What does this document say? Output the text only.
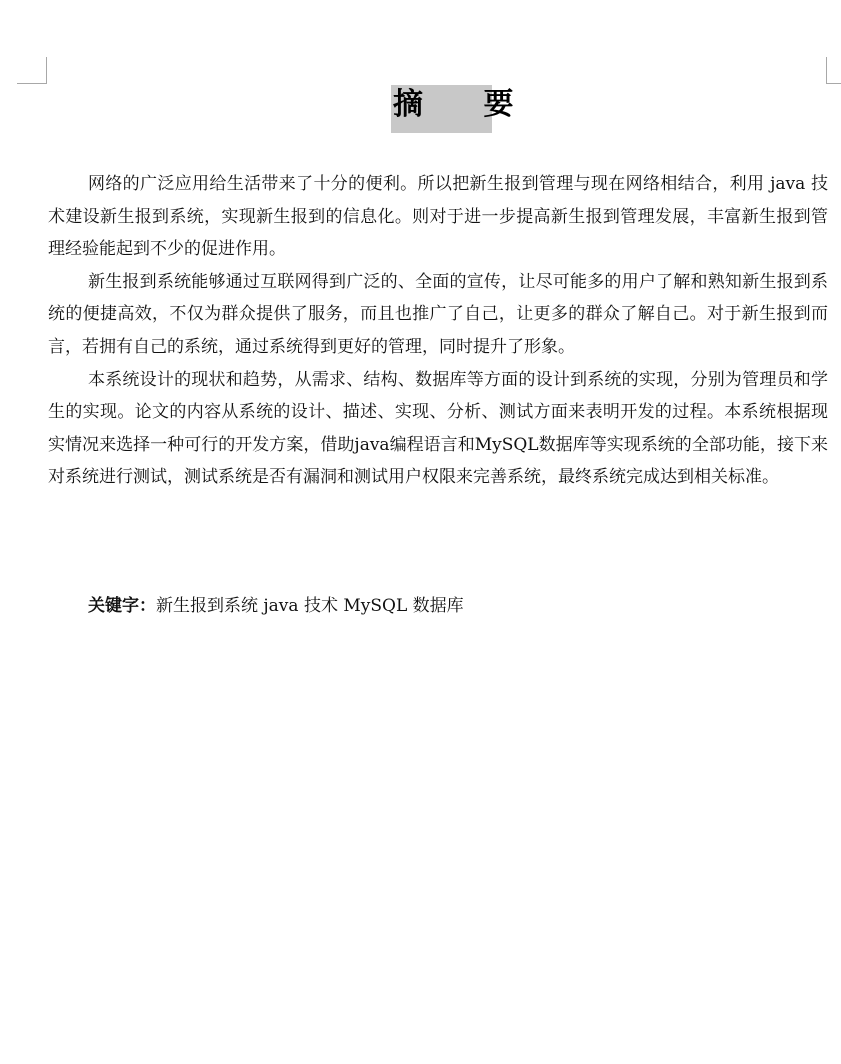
摘 要

网络的广泛应用给生活带来了十分的便利。所以把新生报到管理与现在网络相结合，利用 java 技术建设新生报到系统，实现新生报到的信息化。则对于进一步提高新生报到管理发展，丰富新生报到管理经验能起到不少的促进作用。

新生报到系统能够通过互联网得到广泛的、全面的宣传，让尽可能多的用户了解和熟知新生报到系统的便捷高效，不仅为群众提供了服务，而且也推广了自己，让更多的群众了解自己。对于新生报到而言，若拥有自己的系统，通过系统得到更好的管理，同时提升了形象。

本系统设计的现状和趋势，从需求、结构、数据库等方面的设计到系统的实现，分别为管理员和学生的实现。论文的内容从系统的设计、描述、实现、分析、测试方面来表明开发的过程。本系统根据现实情况来选择一种可行的开发方案，借助java编程语言和MySQL数据库等实现系统的全部功能，接下来对系统进行测试，测试系统是否有漏洞和测试用户权限来完善系统，最终系统完成达到相关标准。

关键字：新生报到系统 java 技术 MySQL 数据库
